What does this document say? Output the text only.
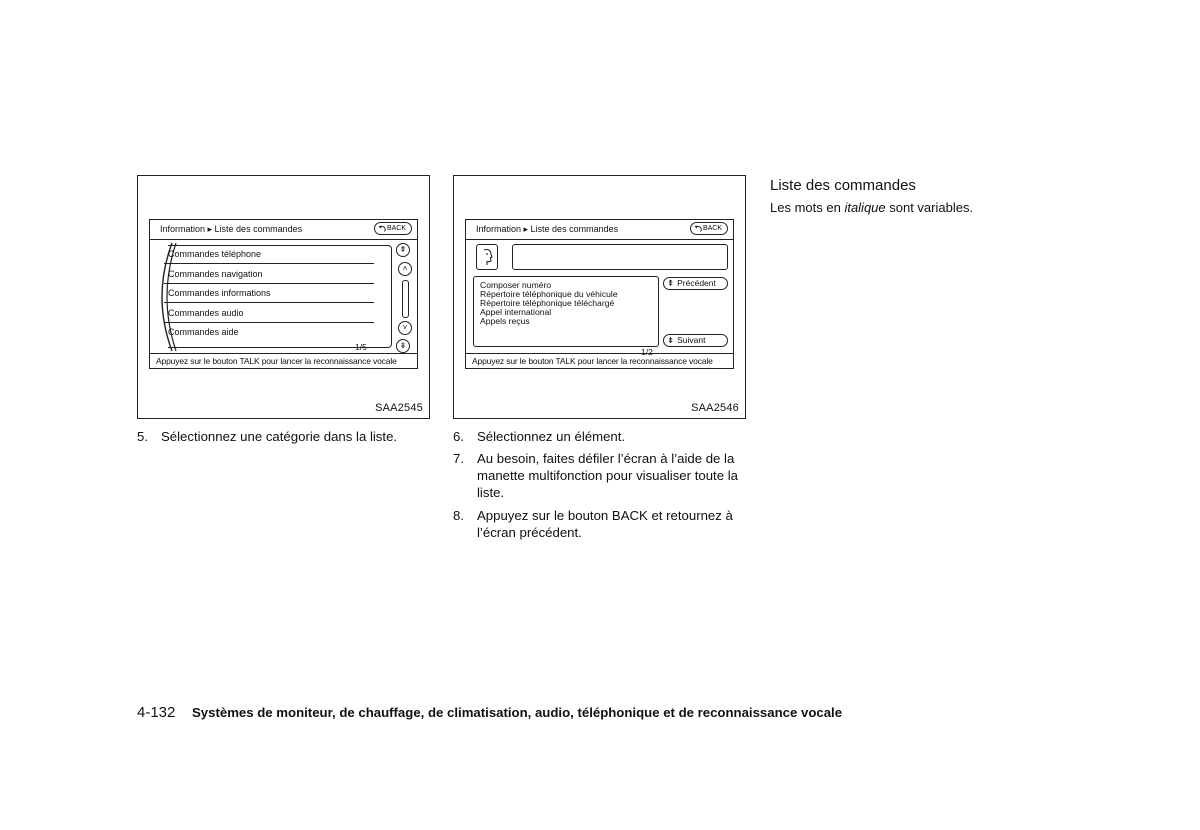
Information ▸ Liste des commandes	BACK
Commandes téléphone
Commandes navigation
Commandes informations
Commandes audio
Commandes aide
1/5
⇞
˄
˅
⇟
Appuyez sur le bouton TALK pour lancer la reconnaissance vocale
SAA2545
Information ▸ Liste des commandes	BACK
Composer numéro
Répertoire téléphonique du véhicule
Répertoire téléphonique téléchargé
Appel international
Appels reçus
1/2
⇞ Précédent
⇟ Suivant
Appuyez sur le bouton TALK pour lancer la reconnaissance vocale
SAA2546
5. Sélectionnez une catégorie dans la liste.	6. Sélectionnez un élément.
7. Au besoin, faites défiler l’écran à l’aide de la
manette multifonction pour visualiser toute la
liste.
8. Appuyez sur le bouton BACK et retournez à
l’écran précédent.
Liste des commandes
Les mots en italique sont variables.
4-132 Systèmes de moniteur, de chauffage, de climatisation, audio, téléphonique et de reconnaissance vocale
